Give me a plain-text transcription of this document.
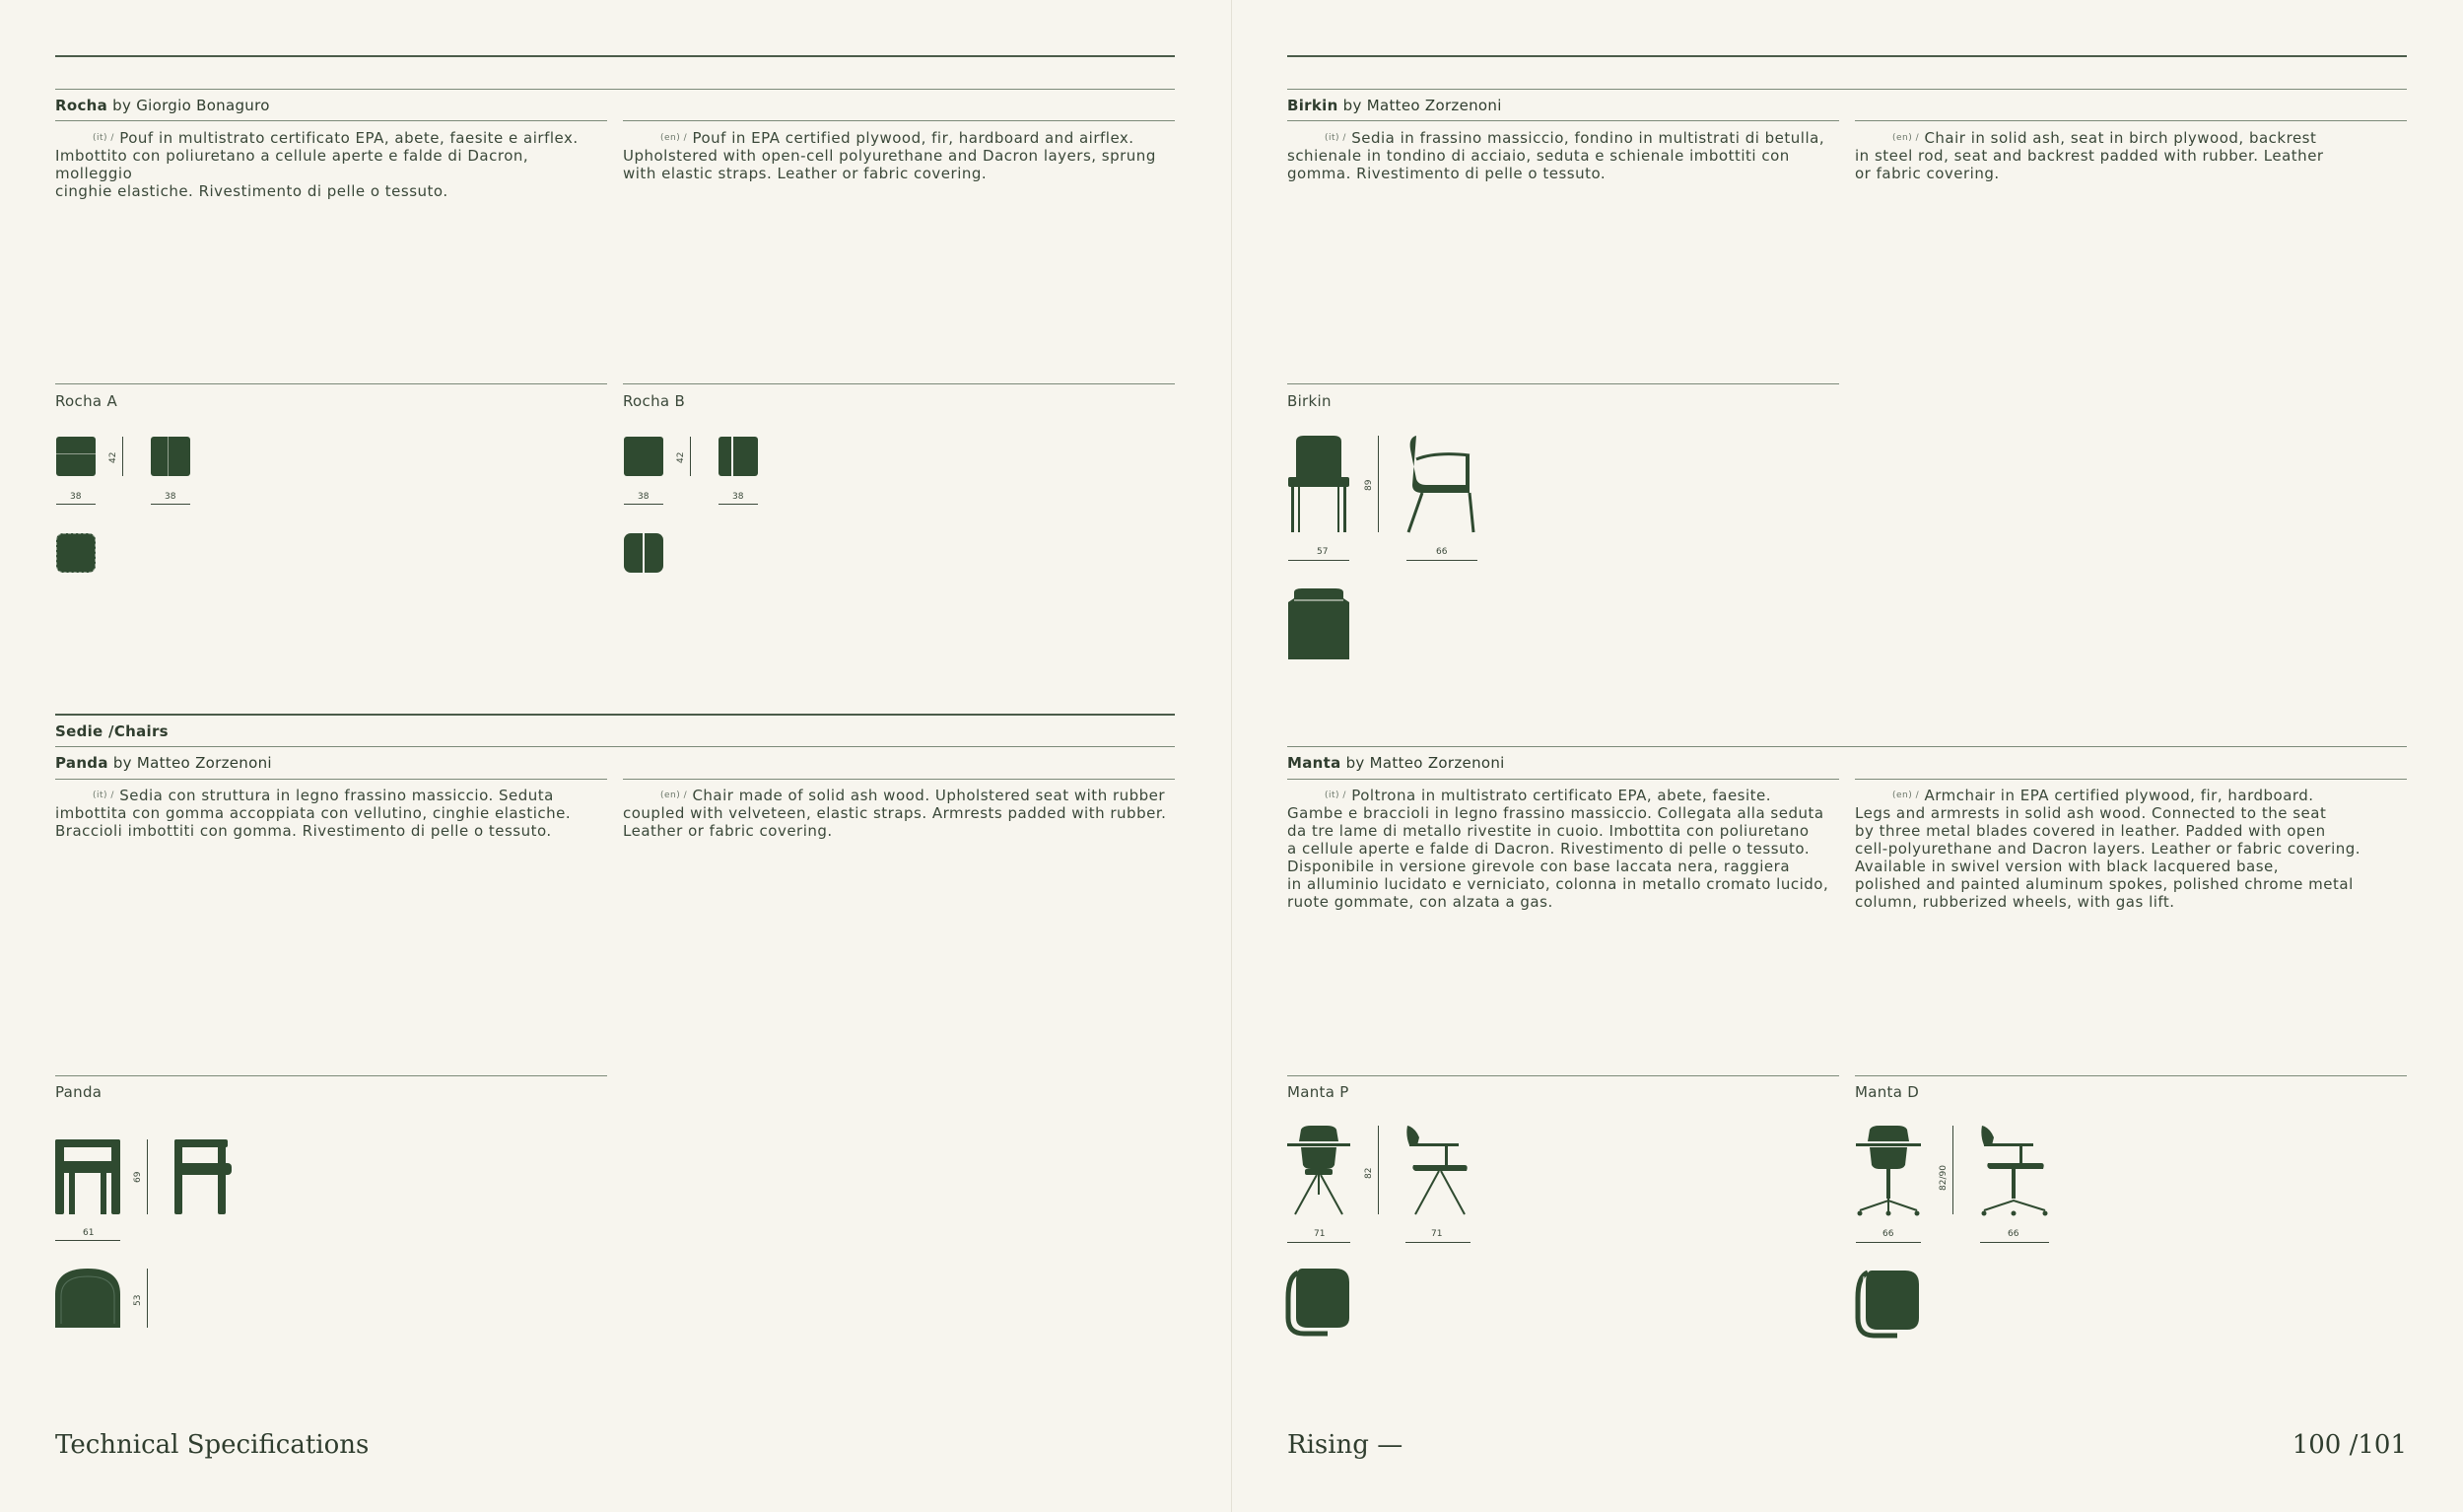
Rocha by Giorgio Bonaguro
$^{(it) /}$ Pouf in multistrato certificato EPA, abete, faesite e airflex.
Imbottito con poliuretano a cellule aperte e falde di Dacron, molleggio
cinghie elastiche. Rivestimento di pelle o tessuto.
$^{(en) /}$ Pouf in EPA certified plywood, fir, hardboard and airflex.
Upholstered with open-cell polyurethane and Dacron layers, sprung
with elastic straps. Leather or fabric covering.
Rocha A	Rocha B
42
38	38
42
38	38
Sedie /Chairs
Panda by Matteo Zorzenoni
$^{(it) /}$ Sedia con struttura in legno frassino massiccio. Seduta
imbottita con gomma accoppiata con vellutino, cinghie elastiche.
Braccioli imbottiti con gomma. Rivestimento di pelle o tessuto.
$^{(en) /}$ Chair made of solid ash wood. Upholstered seat with rubber
coupled with velveteen, elastic straps. Armrests padded with rubber.
Leather or fabric covering.
Panda
69
61
53
Technical Specifications
Birkin by Matteo Zorzenoni
$^{(it) /}$ Sedia in frassino massiccio, fondino in multistrati di betulla,
schienale in tondino di acciaio, seduta e schienale imbottiti con
gomma. Rivestimento di pelle o tessuto.
$^{(en) /}$ Chair in solid ash, seat in birch plywood, backrest
in steel rod, seat and backrest padded with rubber. Leather
or fabric covering.
Birkin
89
57	66
Manta by Matteo Zorzenoni
$^{(it) /}$ Poltrona in multistrato certificato EPA, abete, faesite.
Gambe e braccioli in legno frassino massiccio. Collegata alla seduta
da tre lame di metallo rivestite in cuoio. Imbottita con poliuretano
a cellule aperte e falde di Dacron. Rivestimento di pelle o tessuto.
Disponibile in versione girevole con base laccata nera, raggiera
in alluminio lucidato e verniciato, colonna in metallo cromato lucido,
ruote gommate, con alzata a gas.
$^{(en) /}$ Armchair in EPA certified plywood, fir, hardboard.
Legs and armrests in solid ash wood. Connected to the seat
by three metal blades covered in leather. Padded with open
cell-polyurethane and Dacron layers. Leather or fabric covering.
Available in swivel version with black lacquered base,
polished and painted aluminum spokes, polished chrome metal
column, rubberized wheels, with gas lift.
Manta P	Manta D
82
71	71
82/90
66	66
Rising —	100 /101
